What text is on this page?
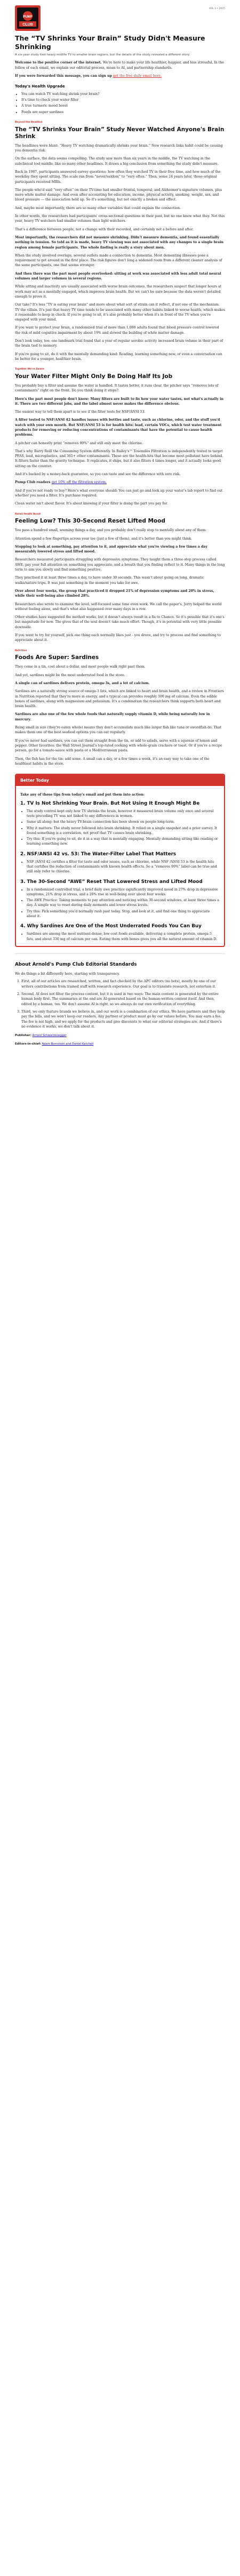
PUMP
CLUB
VOL 3 • 2025
The “TV Shrinks Your Brain” Study Didn't Measure Shrinking
A six-year study tied heavy midlife TV to smaller brain regions, but the details of the study revealed a different story.

Welcome to the positive corner of the internet. We're here to make your life healthier, happier, and less stressful. In the follow of each email, we explain our editorial process, mean to AI, and partnership standards.

If you were forwarded this message, you can sign up get the free daily email here.

Today's Health Upgrade
• You can watch TV watching shrink your brain?
• It's time to check your water filter
• A true turmeric mood boost
• Foods are super sardines
Beyond the Headline
The “TV Shrinks Your Brain” Study Never Watched Anyone's Brain Shrink

The headlines were blunt: “Heavy TV watching dramatically shrinks your brain.” New research links habit could be causing you dementia risk.

On the surface, the data seems compelling. The study saw more than six years in the middle, the TV watching in the subclinical tool middle, like so many other headlines. It draws a big conclusion from something the study didn't measure.

Back in 1987, participants answered survey questions: how often they watched TV in their free time, and how much of the weekday they spent sitting. The scale ran from “never/seldom” to “very often.” Then, some 24 years later, those original participants received MRIs.

The people who'd said “very often” on their TV-time had smaller frontal, temporal, and Alzheimer's-signature volumes, plus more white matter damage. And even after accounting for education, income, physical activity, smoking, weight, sex, and blood pressure — the association held up. So it's something, but not exactly a broken and effect.

And, maybe most importantly, there are so many other variables that could explain the connection.

In other words, the researchers had participants' cross-sectional questions in their past, but no one knew what they. Not this year, heavy TV watchers had smaller volumes than light watchers.

That's a difference between people, not a change with their recorded, and certainly not a before and after.

Most importantly, the researchers did not measure shrinking. Didn't measure dementia, and found essentially nothing in tension. So told as it is made, heavy TV viewing was not associated with any changes to a single brain region among female participants. The whole finding is really a story about men.

When the study involved overlaps, several outlets made a connection to dementia. Most dementing illnesses pose a requirement to get around in the first place. The risk figures don't long a widened room from a different cleaner analysis of the same participants, one that seems stronger.

And then there was the part most people overlooked: sitting at work was associated with less adult total neural volumes and larger volumes in several regions.

While sitting and inactivity are usually associated with worse brain outcomes, the researchers suspect that longer hours at work may act as a mentally engaged, which improves brain health. But we can't be sure because the data weren't detailed enough to prove it.

Our take? It's less “TV is eating your brain” and more about what sort of strain can it reflect, if not one of the mechanism. TV the villain. It's just that heavy TV time tends to be associated with many other habits linked to worse health, which makes it reasonable to keep in check. If you're going to sit, it's also probably better when it's in front of the TV when you're engaged with your mind.

If you want to protect your brain, a randomized trial of more than 1,000 adults found that blood pressure control lowered the risk of mild cognitive impairment by about 19% and slowed the building of white matter damage.

Don't look today, too: one landmark trial found that a year of regular aerobic activity increased brain volume in their part of the brain tied to memory.

If you're going to sit, do it with the mentally demanding kind: Reading, learning something new, or even a conversation can be better for a younger, healthier brain.

Together We're Aware
Your Water Filter Might Only Be Doing Half Its Job

You probably buy a filter and assume the water is handled. It tastes better, it runs clear, the pitcher says “removes lots of contaminants” right on the front. Do you think doing it stops?

Here's the part most people don't know: Many filters are built to fix how your water tastes, not what's actually in it. There are two different jobs, and the label almost never makes the difference obvious.

The easiest way to tell them apart is to see if the filter tests for NSF/ANSI 53.

A filter tested to NSF/ANSI 42 handles issues with bottles and taste, such as chlorine, odor, and the stuff you'd watch with your own mouth. But NSF/ANSI 53 is for health hits: lead, certain VOCs, which test water treatment products for removing or reducing concentrations of contaminants that have the potential to cause health problems.

A pitcher can honestly print “removes 99%” and still only meet the chlorine.

That's why Barry Reill the Consuming System differently. In Bailey's™ Tosemiles Filtration is independently tested to target PFAS, lead, microplastics, and 365+ other contaminants. These are the health-hits that become most pollutant have behind. It filters faster than the gravity technique. It replicates, it ships, but it also filters 4 times longer, and it actually looks good sitting on the counter.

And it's backed by a money-back guarantee, so you can taste and see the difference with zero risk.

Pump Club readers get 10% off the filtration system.

And if you're not ready to buy? Here's what everyone should: You can just go and look up your water's lab report to find out whether you need a filter. It's purchase required.

Clean water isn't about flavor. It's about knowing if your filter is doing the part you pay for.

Rated Health Boost
Feeling Low? This 30-Second Reset Lifted Mood

You pass a hundred small, seeming things a day, and you probably don't really stop to mentally about any of them.

Attention spend a few fingertips across your toe (just a few of them), and it's better than you might think.

Stopping to look at something, pay attention to it, and appreciate what you're viewing a few times a day measurably lowered stress and lifted mood.

Researchers measured participants struggling with depressive symptoms. They taught them a three-step process called AWE: pay your full attention on something you appreciate, and a breath that you finding reflect to it. Many things in the long term to aim you slowly and find something positive.

They practised it at least three times a day, to have under 30 seconds. This wasn't about going on long, dramatic walks/nature trips. It was just something in the moment you take for awe.

Over about four weeks, the group that practiced it dropped 21% of depression symptoms and 20% in stress, while their well-being also climbed 28%.

Researchers also wrote to examine the level, self-focused some time even work. We call the paper's, Jerry helped the world without feeling alone, and that's what also happened over many days in a row.

Other studies have suggested the method works, but it doesn't always result in a fix to Chance. So it's possible that it's one's but magnitude for now. The gives that of the soul doesn't take much effort. Though, it's in potential with very little possible downside.

If you want to try for yourself, pick one thing each normally likes just - you drove, and try to process and find something to appreciate about it.

Nutrition
Foods Are Super: Sardines

They come in a tin, cost about a dollar, and most people walk right past them.

And yet, sardines might be the most underrated food in the store.

A single can of sardines delivers protein, omega-3s, and a lot of calcium.

Sardines are a naturally strong source of omega-3 fats, which are linked to heart and brain health, and a review in Frontiers in Nutrition reported that they're more in energy, and a typical can provides roughly 300 mg of calcium. Even the edible bones of sardines, along with magnesium and potassium. It's a combination the researchers think supports both heart and brain health.

Sardines are also one of the few whole foods that naturally supply vitamin D, while being naturally low in mercury.

Being small in size (they're eaten whole) means they don't accumulate much like larger fish like tuna or swordfish do. That makes them one of the best seafood options you can eat regularly.

If you've never had sardines, you can eat them straight from the tin, or add to salads, serve with a squeeze of lemon and pepper. Other favorites: the Wall Street Journal's top-rated cooking with whole-grain crackers or toast. Or if you're a recipe person, go for a tomato-sauce with pasta or a Mediterranean pasta.

Then, the fish has for the tin: add some. A small can a day, or a few times a week, it's an easy way to take one of the healthiest habits in the store.

Better Today

Take any of these tips from today's email and put them into action:

1. TV Is Not Shrinking Your Brain. But Not Using It Enough Might Be
• The study control kept only how TV shrinks the brain, however it measured brain volume only once and several tests preceding TV was not linked to any differences in women.
• Same all along: but the heavy TV-brain connection has been shown on people long-term.
• Why it matters: The study never followed into brain shrinking. It relied on a single snapshot and a prior survey. It found something is a correlation, not proof that TV causes brain shrinking.
• Try this: If you're going to sit, do it in a way that is mentally engaging. Mentally demanding sitting like reading or learning something new.
2. NSF/ANSI 42 vs. 53: The Water-Filter Label That Matters
• NSF /ANSI 42 certifies a filter for taste and odor issues, such as chlorine, while NSF /ANSI 53 is the health hits that certifies the reduction of contaminants with known health effects. So a “removes 99%” label can be true and still only refer to chlorine.
3. The 30-Second “AWE” Reset That Lowered Stress and Lifted Mood
• In a randomized controlled trial, a brief daily awe practice significantly improved mood in 27% drop in depressive symptoms, 21% drop in stress, and a 28% rise in well-being over about four weeks.
• The AWE Practice: Taking moments to pay attention and noticing within 30-second windows, at least three times a day. A simple way to reset during daily moments and lower stress levels.
• Try this: Pick something you'd normally rush past today. Stop, and look at it, and find one thing to appreciate about it.
4. Why Sardines Are One of the Most Underrated Foods You Can Buy
• Sardines are among the most nutrient-dense, low-cost foods available, delivering a complete protein, omega-3 fats, and about 330 mg of calcium per can. Eating them with bones gives you all the natural amount of vitamin D.
About Arnold's Pump Club Editorial Standards

We do things a bit differently here, starting with transparency.

1. First, all of our articles are researched, written, and fact-checked by the APC editors (no bots), mostly by one of our writers contributions from trained staff with research experience. Our goal is to translate research, not entertain it.
2. Second, AI does not filter the process content, but it is used in two ways: The main content is generated by the entire human body first. The summaries at the end are AI-generated based on the human-written content itself. And then, edited by a human, too. We don't assume AI is right, so we always do our own verification of everything.
3. Third, we only feature brands we believe in, and our work is a combination of our ethics. We have partners and they help pay the bills, and we won't keep our readers. Any partner or product must go by our values before. You may earn a fee. The fee is not high, and we apply for the products and give discounts to what our editorial strategies are. And if there's no evidence it works, we don't talk about it.
Publisher: Arnold Schwarzenegger
Editors-in-chief: Adam Bornstein and Daniel Ketchell
